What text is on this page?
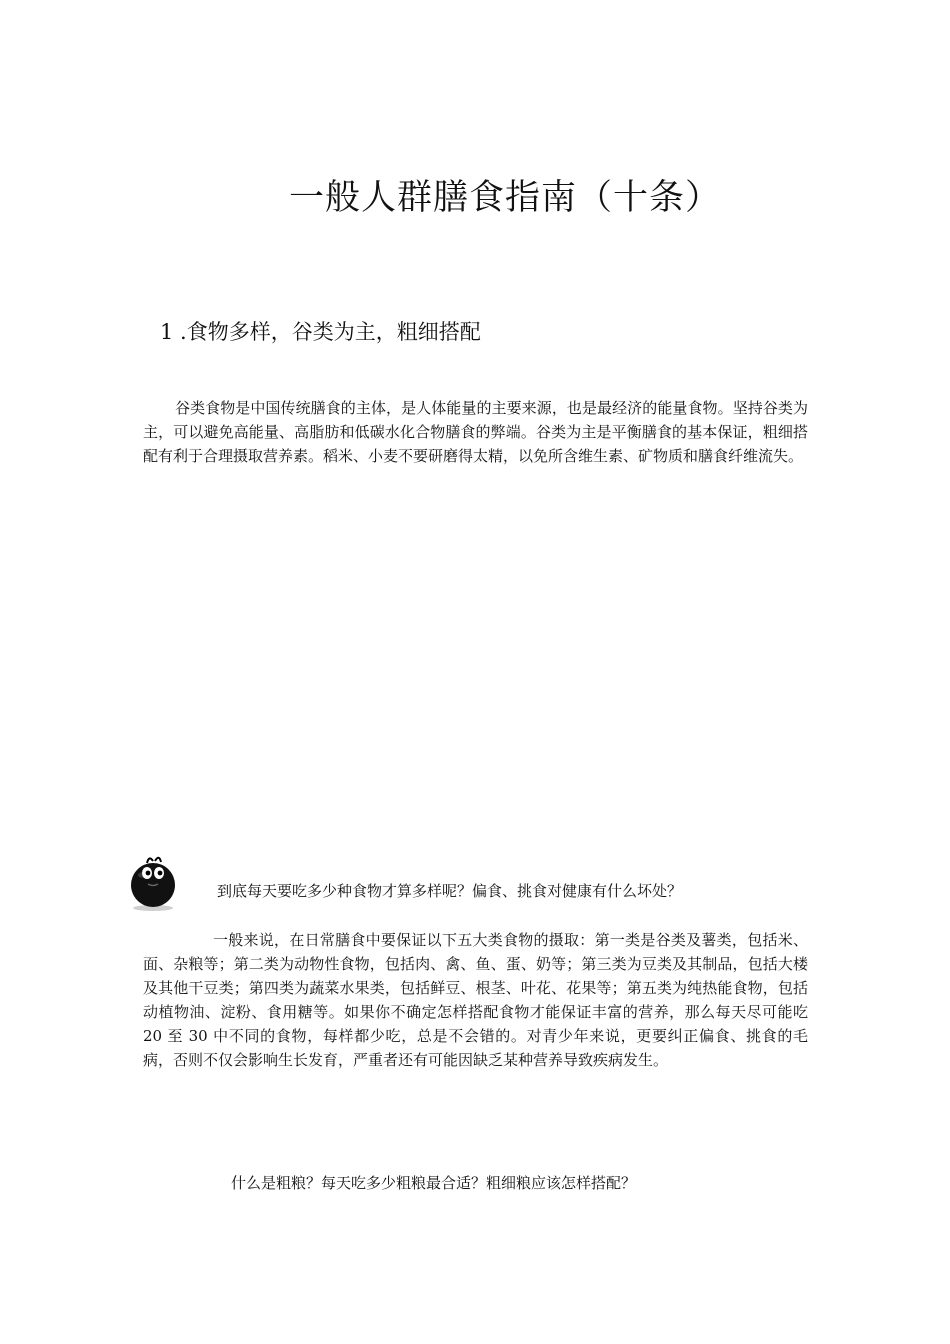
一般人群膳食指南（十条）
1 .食物多样，谷类为主，粗细搭配

谷类食物是中国传统膳食的主体，是人体能量的主要来源，也是最经济的能量食物。坚持谷类为主，可以避免高能量、高脂肪和低碳水化合物膳食的弊端。谷类为主是平衡膳食的基本保证，粗细搭配有利于合理摄取营养素。稻米、小麦不要研磨得太精，以免所含维生素、矿物质和膳食纤维流失。

到底每天要吃多少种食物才算多样呢？偏食、挑食对健康有什么坏处？

一般来说，在日常膳食中要保证以下五大类食物的摄取：第一类是谷类及薯类，包括米、面、杂粮等；第二类为动物性食物，包括肉、禽、鱼、蛋、奶等；第三类为豆类及其制品，包括大楼及其他干豆类；第四类为蔬菜水果类，包括鲜豆、根茎、叶花、花果等；第五类为纯热能食物，包括动植物油、淀粉、食用糖等。如果你不确定怎样搭配食物才能保证丰富的营养，那么每天尽可能吃 20 至 30 中不同的食物，每样都少吃，总是不会错的。对青少年来说，更要纠正偏食、挑食的毛病，否则不仅会影响生长发育，严重者还有可能因缺乏某种营养导致疾病发生。

什么是粗粮？每天吃多少粗粮最合适？粗细粮应该怎样搭配？
